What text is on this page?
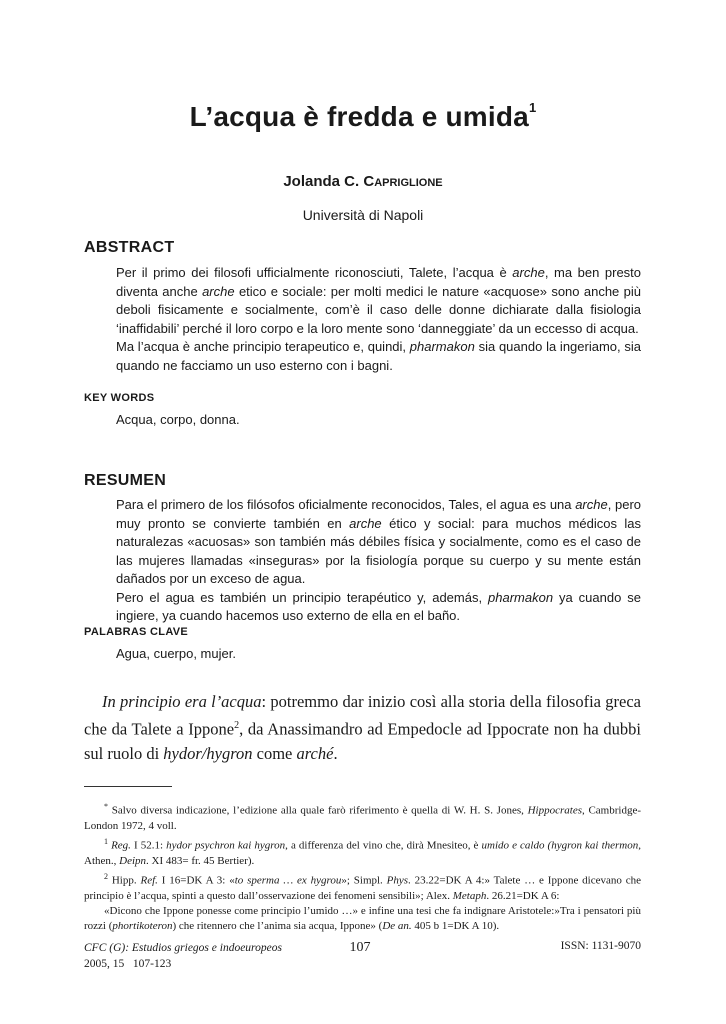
L’acqua è fredda e umida$^1$
Jolanda C. Capriglione
Università di Napoli
ABSTRACT

Per il primo dei filosofi ufficialmente riconosciuti, Talete, l’acqua è arche, ma ben presto diventa anche arche etico e sociale: per molti medici le nature «acquose» sono anche più deboli fisicamente e socialmente, com’è il caso delle donne dichiarate dalla fisiologia ‘inaffidabili’ perché il loro corpo e la loro mente sono ‘danneggiate’ da un eccesso di acqua.

Ma l’acqua è anche principio terapeutico e, quindi, pharmakon sia quando la ingeriamo, sia quando ne facciamo un uso esterno con i bagni.

KEY WORDS
Acqua, corpo, donna.
RESUMEN

Para el primero de los filósofos oficialmente reconocidos, Tales, el agua es una arche, pero muy pronto se convierte también en arche ético y social: para muchos médicos las naturalezas «acuosas» son también más débiles física y socialmente, como es el caso de las mujeres llamadas «inseguras» por la fisiología porque su cuerpo y su mente están dañados por un exceso de agua.

Pero el agua es también un principio terapéutico y, además, pharmakon ya cuando se ingiere, ya cuando hacemos uso externo de ella en el baño.

PALABRAS CLAVE
Agua, cuerpo, mujer.
In principio era l’acqua: potremmo dar inizio così alla storia della filosofia greca che da Talete a Ippone$^2$, da Anassimandro ad Empedocle ad Ippocrate non ha dubbi sul ruolo di hydor/hygron come arché.

* Salvo diversa indicazione, l’edizione alla quale farò riferimento è quella di W. H. S. Jones, Hippocrates, Cambridge-London 1972, 4 voll.

$^1$ Reg. I 52.1: hydor psychron kai hygron, a differenza del vino che, dirà Mnesiteo, è umido e caldo (hygron kai thermon, Athen., Deipn. XI 483= fr. 45 Bertier).

$^2$ Hipp. Ref. I 16=DK A 3: «to sperma … ex hygrou»; Simpl. Phys. 23.22=DK A 4:» Talete … e Ippone dicevano che principio è l’acqua, spinti a questo dall’osservazione dei fenomeni sensibili»; Alex. Metaph. 26.21=DK A 6:

«Dicono che Ippone ponesse come principio l’umido …» e infine una tesi che fa indignare Aristotele:»Tra i pensatori più rozzi (phortikoteron) che ritennero che l’anima sia acqua, Ippone» (De an. 405 b 1=DK A 10).

CFC (G): Estudios griegos e indoeuropeos
2005, 15   107-123
107	ISSN: 1131-9070
